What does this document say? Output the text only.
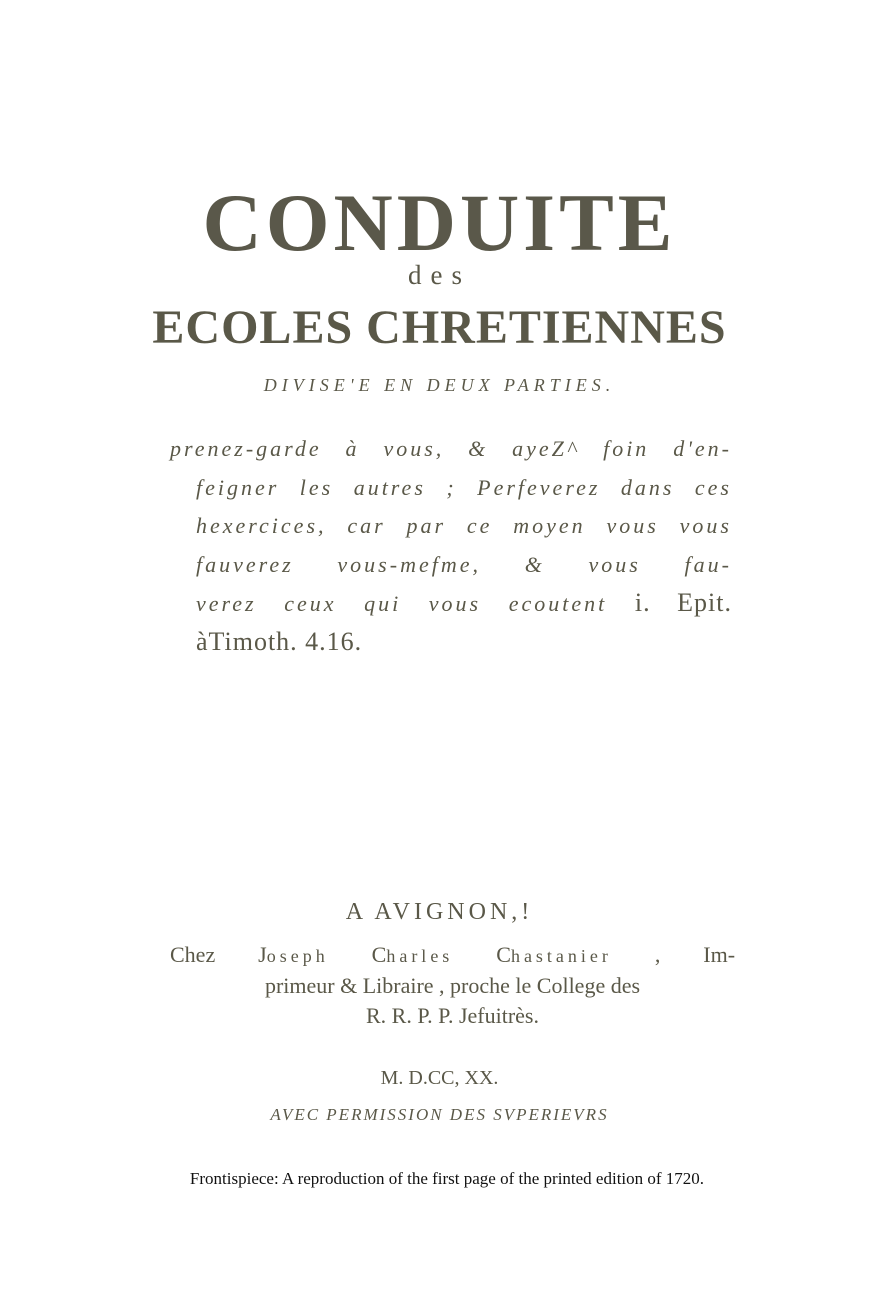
CONDUITE
des
ECOLES CHRETIENNES
DIVISE'E EN DEUX PARTIES.
prenez-garde à vous, & ayeZ^ foin d'en-
feigner les autres ; Perfeverez dans ces
hexercices, car par ce moyen vous vous
fauverez vous-mefme, & vous fau-
verez ceux qui vous ecoutent i. Epit.
àTimoth. 4.16.
A AVIGNON,!
Chez Joseph Charles Chastanier , Im-
primeur & Libraire , proche le College des
R. R. P. P. Jefuitrès.
M. D.CC, XX.
AVEC PERMISSION DES SVPERIEVRS

Frontispiece: A reproduction of the first page of the printed edition of 1720.
